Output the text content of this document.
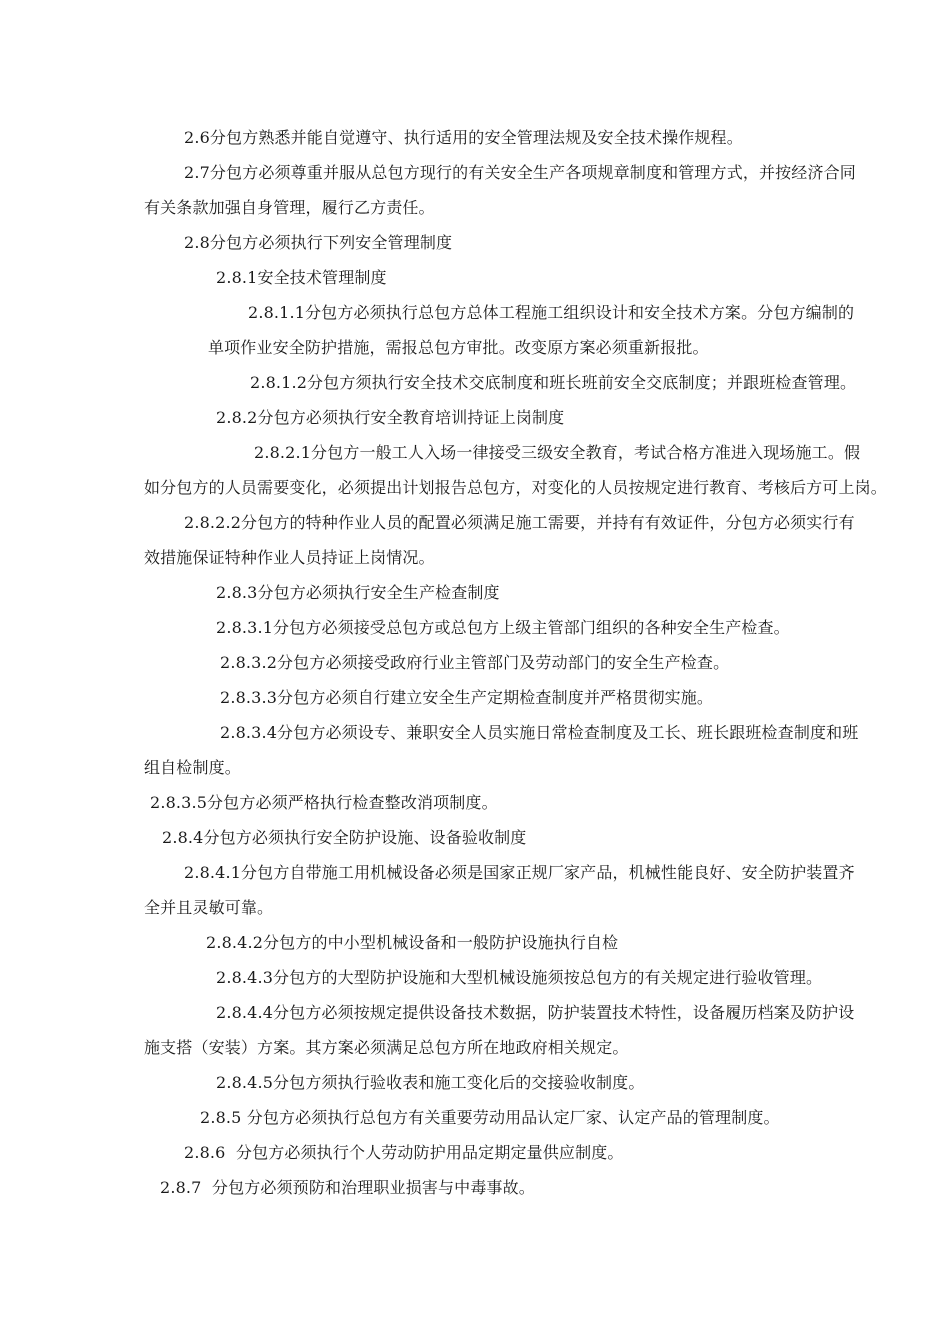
2.6分包方熟悉并能自觉遵守、执行适用的安全管理法规及安全技术操作规程。
2.7分包方必须尊重并服从总包方现行的有关安全生产各项规章制度和管理方式，并按经济合同
有关条款加强自身管理，履行乙方责任。
2.8分包方必须执行下列安全管理制度
2.8.1安全技术管理制度
2.8.1.1分包方必须执行总包方总体工程施工组织设计和安全技术方案。分包方编制的
单项作业安全防护措施，需报总包方审批。改变原方案必须重新报批。
2.8.1.2分包方须执行安全技术交底制度和班长班前安全交底制度；并跟班检查管理。
2.8.2分包方必须执行安全教育培训持证上岗制度
2.8.2.1分包方一般工人入场一律接受三级安全教育，考试合格方准进入现场施工。假
如分包方的人员需要变化，必须提出计划报告总包方，对变化的人员按规定进行教育、考核后方可上岗。
2.8.2.2分包方的特种作业人员的配置必须满足施工需要，并持有有效证件，分包方必须实行有
效措施保证特种作业人员持证上岗情况。
2.8.3分包方必须执行安全生产检查制度
2.8.3.1分包方必须接受总包方或总包方上级主管部门组织的各种安全生产检查。
2.8.3.2分包方必须接受政府行业主管部门及劳动部门的安全生产检查。
2.8.3.3分包方必须自行建立安全生产定期检查制度并严格贯彻实施。
2.8.3.4分包方必须设专、兼职安全人员实施日常检查制度及工长、班长跟班检查制度和班
组自检制度。
2.8.3.5分包方必须严格执行检查整改消项制度。
2.8.4分包方必须执行安全防护设施、设备验收制度
2.8.4.1分包方自带施工用机械设备必须是国家正规厂家产品，机械性能良好、安全防护装置齐
全并且灵敏可靠。
2.8.4.2分包方的中小型机械设备和一般防护设施执行自检
2.8.4.3分包方的大型防护设施和大型机械设施须按总包方的有关规定进行验收管理。
2.8.4.4分包方必须按规定提供设备技术数据，防护装置技术特性，设备履历档案及防护设
施支搭（安装）方案。其方案必须满足总包方所在地政府相关规定。
2.8.4.5分包方须执行验收表和施工变化后的交接验收制度。
2.8.5 分包方必须执行总包方有关重要劳动用品认定厂家、认定产品的管理制度。
2.8.6  分包方必须执行个人劳动防护用品定期定量供应制度。
2.8.7  分包方必须预防和治理职业损害与中毒事故。
